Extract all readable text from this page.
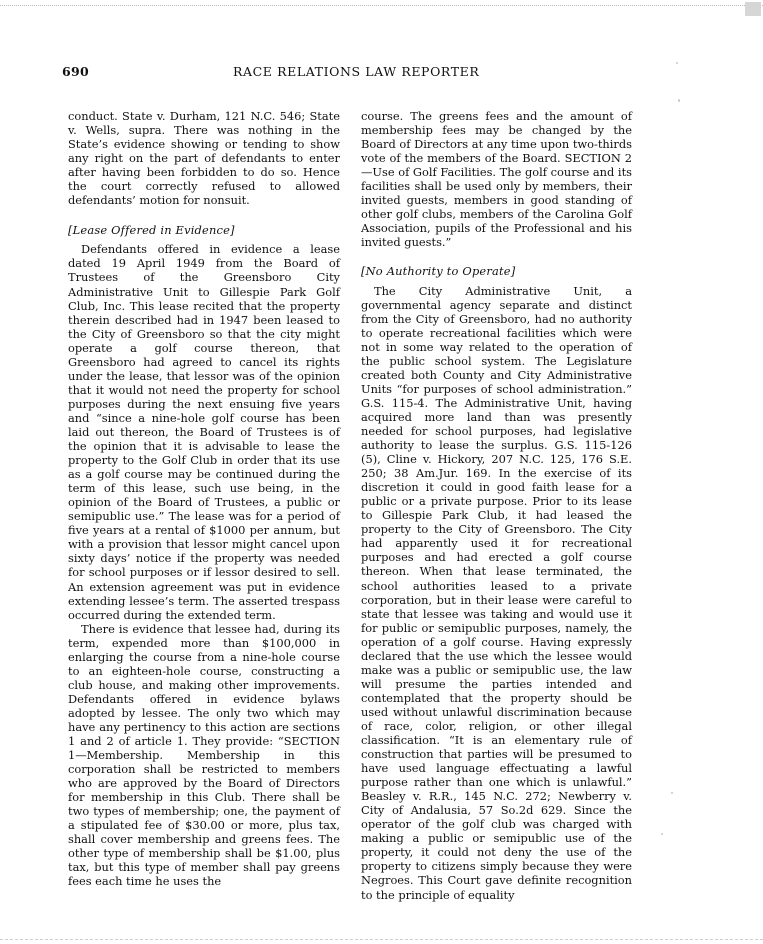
690	RACE RELATIONS LAW REPORTER

conduct. State v. Durham, 121 N.C. 546; State v. Wells, supra. There was nothing in the State’s evidence showing or tending to show any right on the part of defendants to enter after having been forbidden to do so. Hence the court correctly refused to allowed defendants’ motion for nonsuit.

[Lease Offered in Evidence]

Defendants offered in evidence a lease dated 19 April 1949 from the Board of Trustees of the Greensboro City Administrative Unit to Gillespie Park Golf Club, Inc. This lease recited that the property therein described had in 1947 been leased to the City of Greensboro so that the city might operate a golf course thereon, that Greensboro had agreed to cancel its rights under the lease, that lessor was of the opinion that it would not need the property for school purposes during the next ensuing five years and “since a nine-hole golf course has been laid out thereon, the Board of Trustees is of the opinion that it is advisable to lease the property to the Golf Club in order that its use as a golf course may be continued during the term of this lease, such use being, in the opinion of the Board of Trustees, a public or semipublic use.” The lease was for a period of five years at a rental of $1000 per annum, but with a provision that lessor might cancel upon sixty days’ notice if the property was needed for school purposes or if lessor desired to sell. An extension agreement was put in evidence extending lessee’s term. The asserted trespass occurred during the extended term.

There is evidence that lessee had, during its term, expended more than $100,000 in enlarging the course from a nine-hole course to an eighteen-hole course, constructing a club house, and making other improvements. Defendants offered in evidence bylaws adopted by lessee. The only two which may have any pertinency to this action are sections 1 and 2 of article 1. They provide: “SECTION 1—Membership. Membership in this corporation shall be restricted to members who are approved by the Board of Directors for membership in this Club. There shall be two types of membership; one, the payment of a stipulated fee of $30.00 or more, plus tax, shall cover membership and greens fees. The other type of membership shall be $1.00, plus tax, but this type of member shall pay greens fees each time he uses the

course. The greens fees and the amount of membership fees may be changed by the Board of Directors at any time upon two-thirds vote of the members of the Board. SECTION 2—Use of Golf Facilities. The golf course and its facilities shall be used only by members, their invited guests, members in good standing of other golf clubs, members of the Carolina Golf Association, pupils of the Professional and his invited guests.”

[No Authority to Operate]

The City Administrative Unit, a governmental agency separate and distinct from the City of Greensboro, had no authority to operate recreational facilities which were not in some way related to the operation of the public school system. The Legislature created both County and City Administrative Units “for purposes of school administration.” G.S. 115-4. The Administrative Unit, having acquired more land than was presently needed for school purposes, had legislative authority to lease the surplus. G.S. 115-126 (5), Cline v. Hickory, 207 N.C. 125, 176 S.E. 250; 38 Am.Jur. 169. In the exercise of its discretion it could in good faith lease for a public or a private purpose. Prior to its lease to Gillespie Park Club, it had leased the property to the City of Greensboro. The City had apparently used it for recreational purposes and had erected a golf course thereon. When that lease terminated, the school authorities leased to a private corporation, but in their lease were careful to state that lessee was taking and would use it for public or semipublic purposes, namely, the operation of a golf course. Having expressly declared that the use which the lessee would make was a public or semipublic use, the law will presume the parties intended and contemplated that the property should be used without unlawful discrimination because of race, color, religion, or other illegal classification. “It is an elementary rule of construction that parties will be presumed to have used language effectuating a lawful purpose rather than one which is unlawful.” Beasley v. R.R., 145 N.C. 272; Newberry v. City of Andalusia, 57 So.2d 629. Since the operator of the golf club was charged with making a public or semipublic use of the property, it could not deny the use of the property to citizens simply because they were Negroes. This Court gave definite recognition to the principle of equality
